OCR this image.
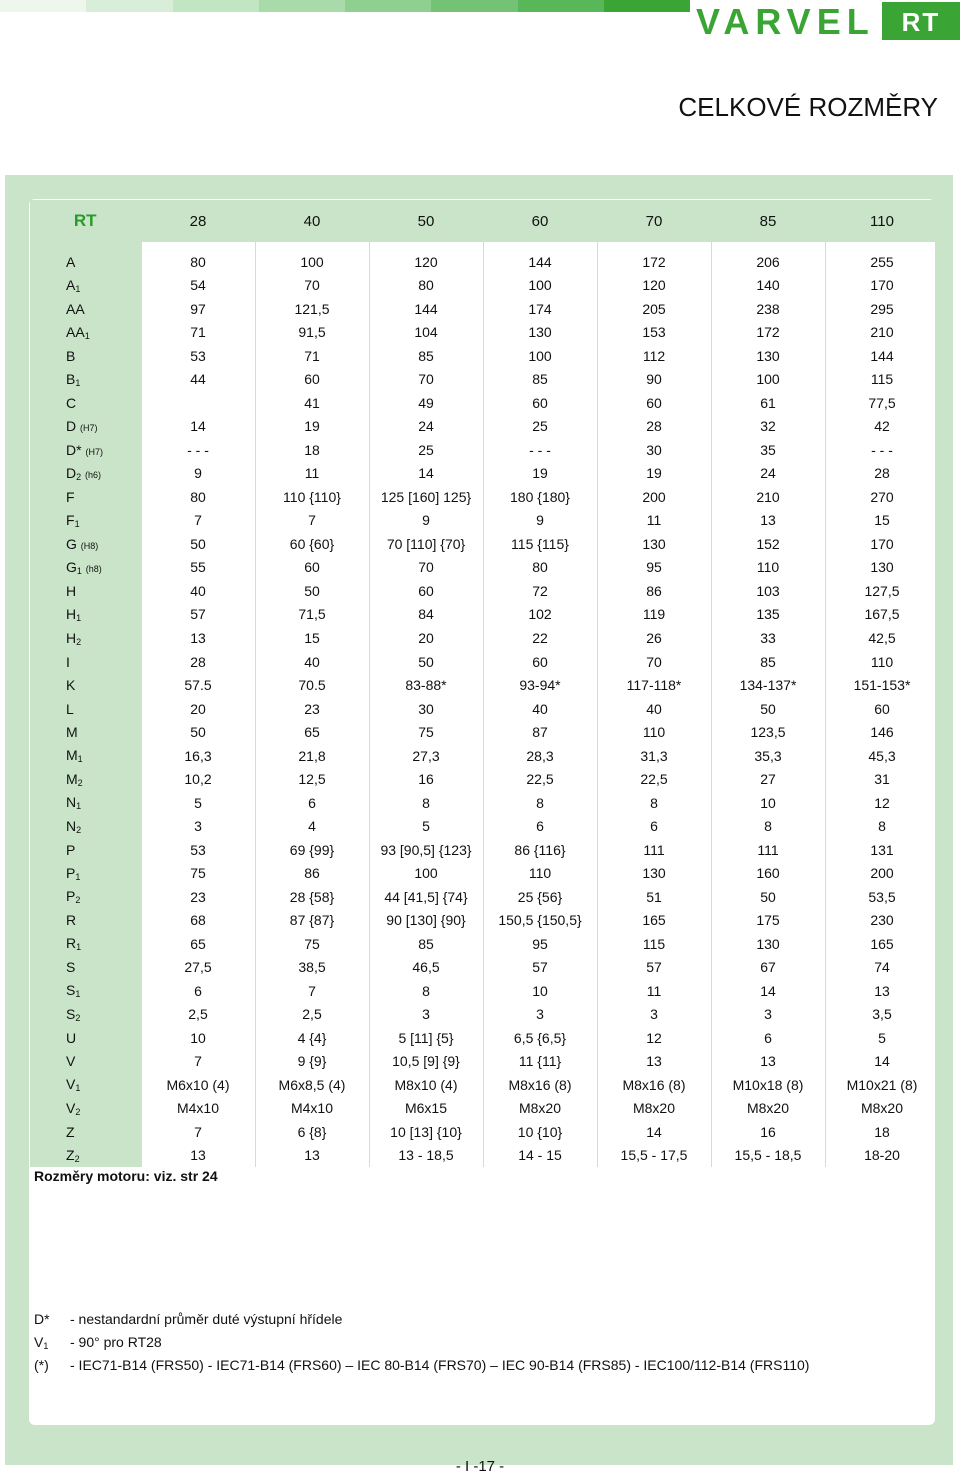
VARVEL	RT
CELKOVÉ ROZMĚRY
RT	28	40	50	60	70	85	110
A	80	100	120	144	172	206	255
$A_1$	54	70	80	100	120	140	170
AA	97	121,5	144	174	205	238	295
$AA_1$	71	91,5	104	130	153	172	210
B	53	71	85	100	112	130	144
$B_1$	44	60	70	85	90	100	115
C		41	49	60	60	61	77,5
D (H7)	14	19	24	25	28	32	42
D* (H7)	- - -	18	25	- - -	30	35	- - -
$D_2$ (h6)	9	11	14	19	19	24	28
F	80	110 {110}	125 [160] 125}	180 {180}	200	210	270
$F_1$	7	7	9	9	11	13	15
G (H8)	50	60 {60}	70 [110] {70}	115 {115}	130	152	170
$G_1$ (h8)	55	60	70	80	95	110	130
H	40	50	60	72	86	103	127,5
$H_1$	57	71,5	84	102	119	135	167,5
$H_2$	13	15	20	22	26	33	42,5
I	28	40	50	60	70	85	110
K	57.5	70.5	83-88*	93-94*	117-118*	134-137*	151-153*
L	20	23	30	40	40	50	60
M	50	65	75	87	110	123,5	146
$M_1$	16,3	21,8	27,3	28,3	31,3	35,3	45,3
$M_2$	10,2	12,5	16	22,5	22,5	27	31
$N_1$	5	6	8	8	8	10	12
$N_2$	3	4	5	6	6	8	8
P	53	69 {99}	93 [90,5] {123}	86 {116}	111	111	131
$P_1$	75	86	100	110	130	160	200
$P_2$	23	28 {58}	44 [41,5] {74}	25 {56}	51	50	53,5
R	68	87 {87}	90 [130] {90}	150,5 {150,5}	165	175	230
$R_1$	65	75	85	95	115	130	165
S	27,5	38,5	46,5	57	57	67	74
$S_1$	6	7	8	10	11	14	13
$S_2$	2,5	2,5	3	3	3	3	3,5
U	10	4 {4}	5 [11] {5}	6,5 {6,5}	12	6	5
V	7	9 {9}	10,5 [9] {9}	11 {11}	13	13	14
$V_1$	M6x10 (4)	M6x8,5 (4)	M8x10 (4)	M8x16 (8)	M8x16 (8)	M10x18 (8)	M10x21 (8)
$V_2$	M4x10	M4x10	M6x15	M8x20	M8x20	M8x20	M8x20
Z	7	6 {8}	10 [13] {10}	10 {10}	14	16	18
$Z_2$	13	13	13 - 18,5	14 - 15	15,5 - 17,5	15,5 - 18,5	18-20
Rozměry motoru: viz. str 24
D*	- nestandardní průměr duté výstupní hřídele
$V_1$	- 90° pro RT28
(*)	- IEC71-B14 (FRS50) - IEC71-B14 (FRS60) – IEC 80-B14 (FRS70) – IEC 90-B14 (FRS85) - IEC100/112-B14 (FRS110)
- I -17 -
